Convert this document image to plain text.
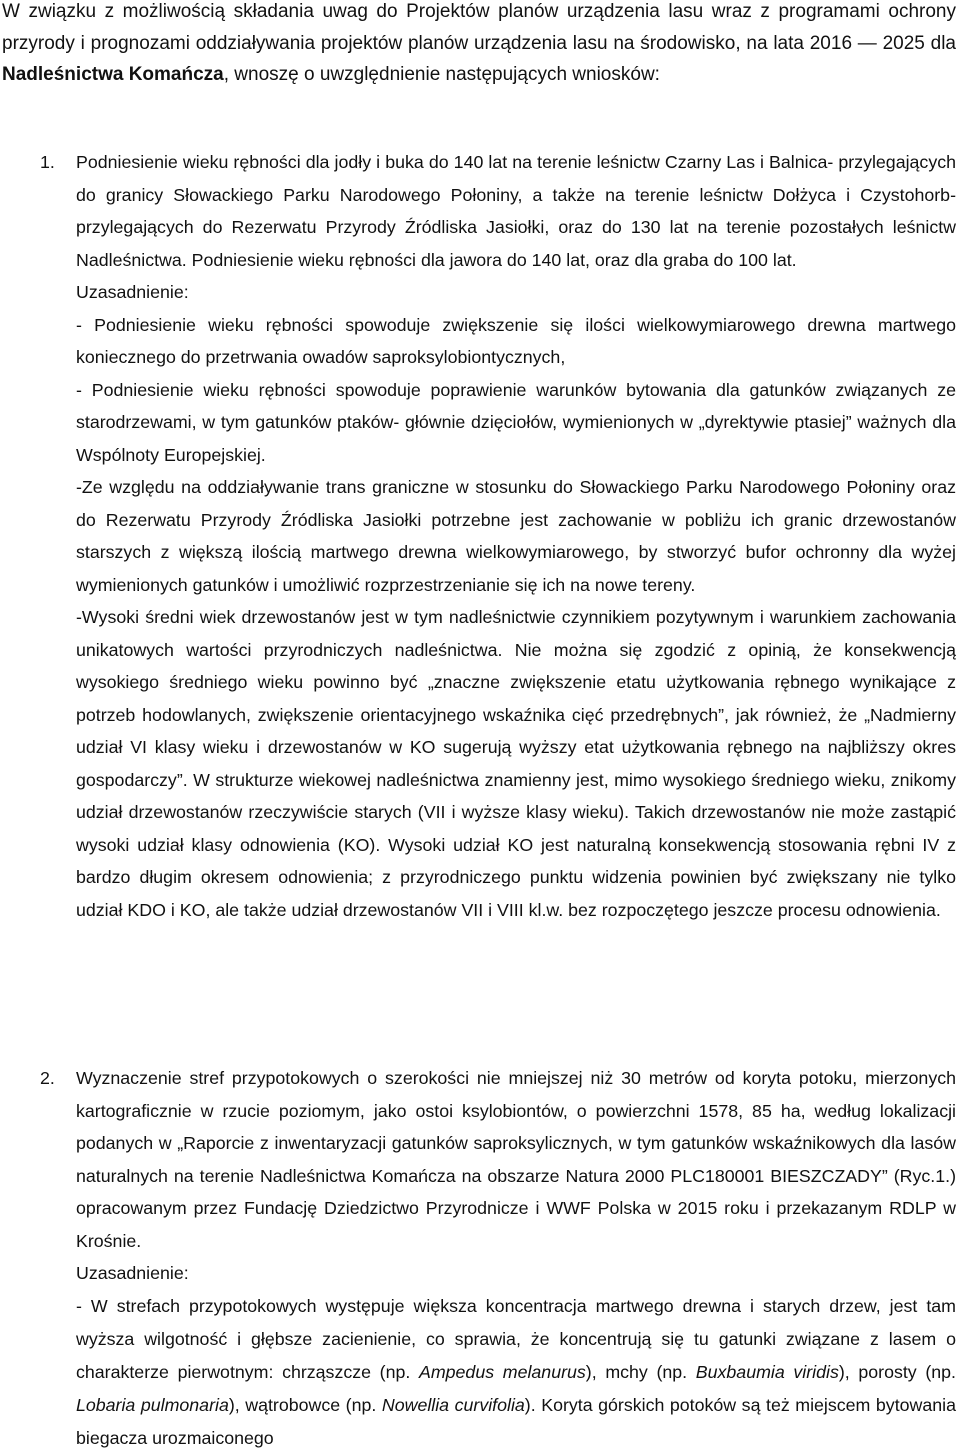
W związku z możliwością składania uwag do Projektów planów urządzenia lasu wraz z programami ochrony przyrody i prognozami oddziaływania projektów planów urządzenia lasu na środowisko, na lata 2016 — 2025 dla Nadleśnictwa Komańcza, wnoszę o uwzględnienie następujących wniosków:

1. Podniesienie wieku rębności dla jodły i buka do 140 lat na terenie leśnictw Czarny Las i Balnica- przylegających do granicy Słowackiego Parku Narodowego Połoniny, a także na terenie leśnictw Dołżyca i Czystohorb- przylegających do Rezerwatu Przyrody Źródliska Jasiołki, oraz do 130 lat na terenie pozostałych leśnictw Nadleśnictwa. Podniesienie wieku rębności dla jawora do 140 lat, oraz dla graba do 100 lat.

Uzasadnienie:

- Podniesienie wieku rębności spowoduje zwiększenie się ilości wielkowymiarowego drewna martwego koniecznego do przetrwania owadów saproksylobiontycznych,

- Podniesienie wieku rębności spowoduje poprawienie warunków bytowania dla gatunków związanych ze starodrzewami, w tym gatunków ptaków- głównie dzięciołów, wymienionych w „dyrektywie ptasiej” ważnych dla Wspólnoty Europejskiej.

-Ze względu na oddziaływanie trans graniczne w stosunku do Słowackiego Parku Narodowego Połoniny oraz do Rezerwatu Przyrody Źródliska Jasiołki potrzebne jest zachowanie w pobliżu ich granic drzewostanów starszych z większą ilością martwego drewna wielkowymiarowego, by stworzyć bufor ochronny dla wyżej wymienionych gatunków i umożliwić rozprzestrzenianie się ich na nowe tereny.

-Wysoki średni wiek drzewostanów jest w tym nadleśnictwie czynnikiem pozytywnym i warunkiem zachowania unikatowych wartości przyrodniczych nadleśnictwa. Nie można się zgodzić z opinią, że konsekwencją wysokiego średniego wieku powinno być „znaczne zwiększenie etatu użytkowania rębnego wynikające z potrzeb hodowlanych, zwiększenie orientacyjnego wskaźnika cięć przedrębnych”, jak również, że „Nadmierny udział VI klasy wieku i drzewostanów w KO sugerują wyższy etat użytkowania rębnego na najbliższy okres gospodarczy”. W strukturze wiekowej nadleśnictwa znamienny jest, mimo wysokiego średniego wieku, znikomy udział drzewostanów rzeczywiście starych (VII i wyższe klasy wieku). Takich drzewostanów nie może zastąpić wysoki udział klasy odnowienia (KO). Wysoki udział KO jest naturalną konsekwencją stosowania rębni IV z bardzo długim okresem odnowienia; z przyrodniczego punktu widzenia powinien być zwiększany nie tylko udział KDO i KO, ale także udział drzewostanów VII i VIII kl.w. bez rozpoczętego jeszcze procesu odnowienia.

2. Wyznaczenie stref przypotokowych o szerokości nie mniejszej niż 30 metrów od koryta potoku, mierzonych kartograficznie w rzucie poziomym, jako ostoi ksylobiontów, o powierzchni 1578, 85 ha, według lokalizacji podanych w „Raporcie z inwentaryzacji gatunków saproksylicznych, w tym gatunków wskaźnikowych dla lasów naturalnych na terenie Nadleśnictwa Komańcza na obszarze Natura 2000 PLC180001 BIESZCZADY” (Ryc.1.) opracowanym przez Fundację Dziedzictwo Przyrodnicze i WWF Polska w 2015 roku i przekazanym RDLP w Krośnie.

Uzasadnienie:

- W strefach przypotokowych występuje większa koncentracja martwego drewna i starych drzew, jest tam wyższa wilgotność i głębsze zacienienie, co sprawia, że koncentrują się tu gatunki związane z lasem o charakterze pierwotnym: chrząszcze (np. Ampedus melanurus), mchy (np. Buxbaumia viridis), porosty (np. Lobaria pulmonaria), wątrobowce (np. Nowellia curvifolia). Koryta górskich potoków są też miejscem bytowania biegacza urozmaiconego
